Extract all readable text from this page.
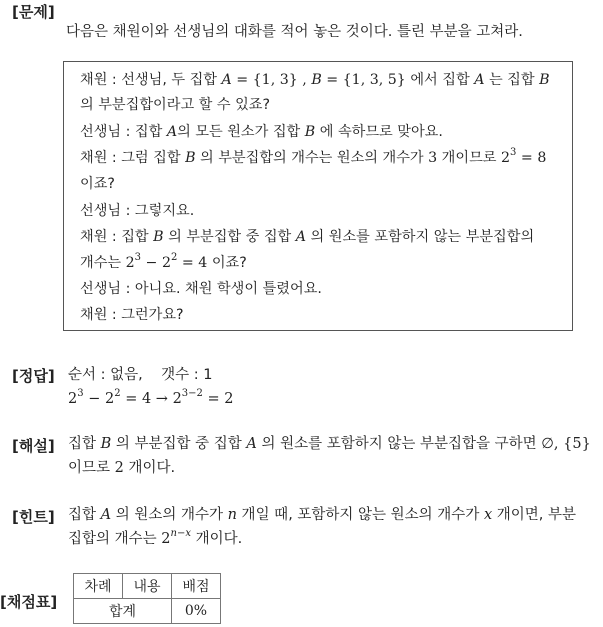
[문제]
다음은 채원이와 선생님의 대화를 적어 놓은 것이다. 틀린 부분을 고쳐라.
채원 : 선생님, 두 집합 A = {1, 3} , B = {1, 3, 5} 에서 집합 A 는 집합 B
의 부분집합이라고 할 수 있죠?
선생님 : 집합 A의 모든 원소가 집합 B 에 속하므로 맞아요.
채원 : 그럼 집합 B 의 부분집합의 개수는 원소의 개수가 3 개이므로 $2^3 = 8$
이죠?
선생님 : 그렇지요.
채원 : 집합 B 의 부분집합 중 집합 A 의 원소를 포함하지 않는 부분집합의
개수는 $2^3 - 2^2 = 4$ 이죠?
선생님 : 아니요. 채원 학생이 틀렸어요.
채원 : 그런가요?
[정답] 순서 : 없음,    갯수 : 1
$2^3 - 2^2 = 4 \to 2^{3-2} = 2$
[해설] 집합 B 의 부분집합 중 집합 A 의 원소를 포함하지 않는 부분집합을 구하면 ∅, {5}
이므로 2 개이다.
[힌트] 집합 A 의 원소의 개수가 n 개일 때, 포함하지 않는 원소의 개수가 x 개이면, 부분
집합의 개수는 $2^{n-x}$ 개이다.
[채점표]
차례	내용	배점
합계		0%
